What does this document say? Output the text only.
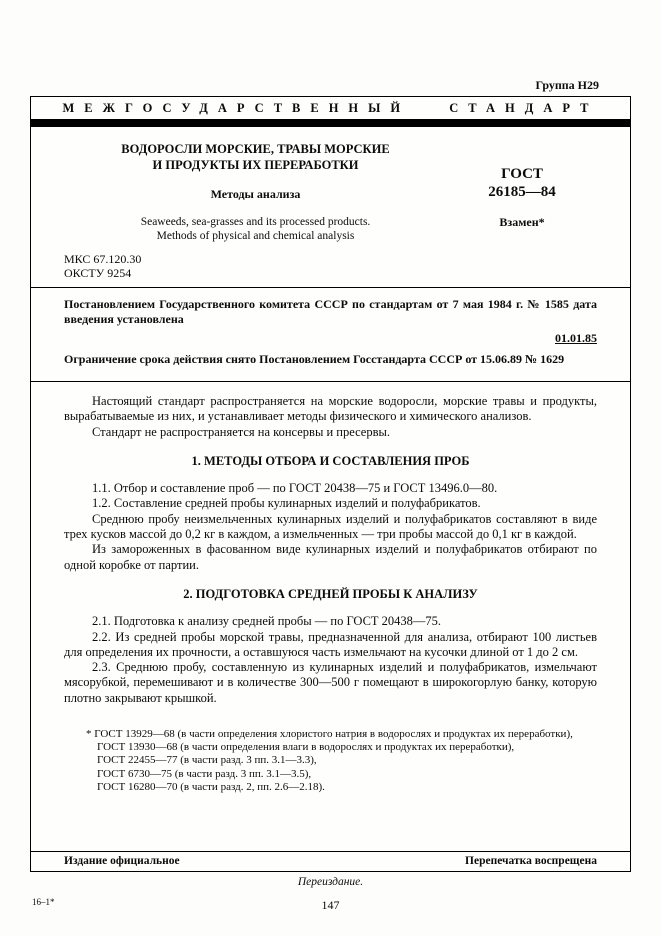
Группа Н29
МЕЖГОСУДАРСТВЕННЫЙ СТАНДАРТ
ВОДОРОСЛИ МОРСКИЕ, ТРАВЫ МОРСКИЕ
И ПРОДУКТЫ ИХ ПЕРЕРАБОТКИ
Методы анализа
Seaweeds, sea-grasses and its processed products.
Methods of physical and chemical analysis
ГОСТ
26185—84
Взамен*
МКС 67.120.30
ОКСТУ 9254

Постановлением Государственного комитета СССР по стандартам от 7 мая 1984 г. № 1585 дата введения установлена

01.01.85

Ограничение срока действия снято Постановлением Госстандарта СССР от 15.06.89 № 1629

Настоящий стандарт распространяется на морские водоросли, морские травы и продукты, вырабатываемые из них, и устанавливает методы физического и химического анализов.

Стандарт не распространяется на консервы и пресервы.

1. МЕТОДЫ ОТБОРА И СОСТАВЛЕНИЯ ПРОБ

1.1. Отбор и составление проб — по ГОСТ 20438—75 и ГОСТ 13496.0—80.

1.2. Составление средней пробы кулинарных изделий и полуфабрикатов.

Среднюю пробу неизмельченных кулинарных изделий и полуфабрикатов составляют в виде трех кусков массой до 0,2 кг в каждом, а измельченных — три пробы массой до 0,1 кг в каждой.

Из замороженных в фасованном виде кулинарных изделий и полуфабрикатов отбирают по одной коробке от партии.

2. ПОДГОТОВКА СРЕДНЕЙ ПРОБЫ К АНАЛИЗУ

2.1. Подготовка к анализу средней пробы — по ГОСТ 20438—75.

2.2. Из средней пробы морской травы, предназначенной для анализа, отбирают 100 листьев для определения их прочности, а оставшуюся часть измельчают на кусочки длиной от 1 до 2 см.

2.3. Среднюю пробу, составленную из кулинарных изделий и полуфабрикатов, измельчают мясорубкой, перемешивают и в количестве 300—500 г помещают в широкогорлую банку, которую плотно закрывают крышкой.

* ГОСТ 13929—68 (в части определения хлористого натрия в водорослях и продуктах их переработки),
ГОСТ 13930—68 (в части определения влаги в водорослях и продуктах их переработки),
ГОСТ 22455—77 (в части разд. 3 пп. 3.1—3.3),
ГОСТ 6730—75 (в части разд. 3 пп. 3.1—3.5),
ГОСТ 16280—70 (в части разд. 2, пп. 2.6—2.18).
Издание официальное	Перепечатка воспрещена
Переиздание.
16–1*	147
